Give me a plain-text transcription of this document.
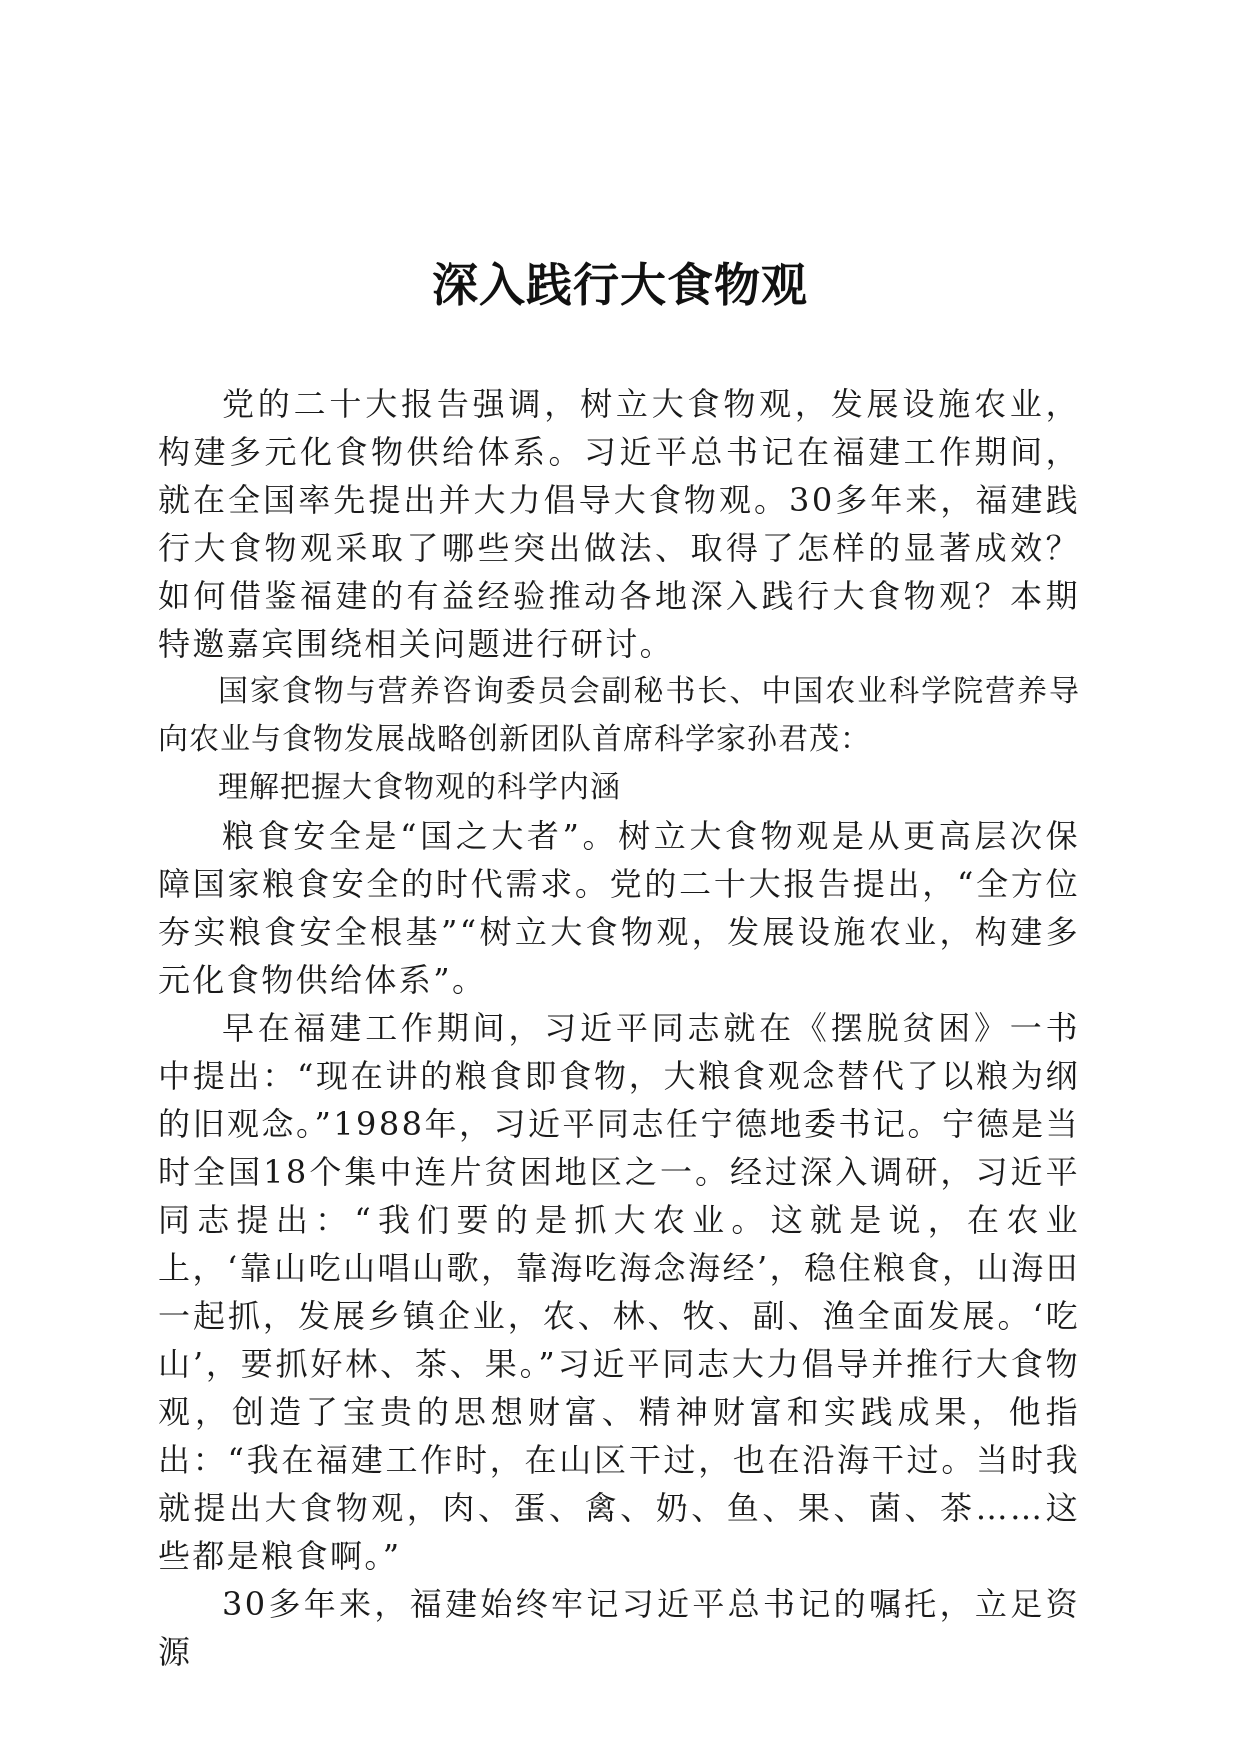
深入践行大食物观

党的二十大报告强调，树立大食物观，发展设施农业，构建多元化食物供给体系。习近平总书记在福建工作期间，就在全国率先提出并大力倡导大食物观。30多年来，福建践行大食物观采取了哪些突出做法、取得了怎样的显著成效？如何借鉴福建的有益经验推动各地深入践行大食物观？本期特邀嘉宾围绕相关问题进行研讨。

国家食物与营养咨询委员会副秘书长、中国农业科学院营养导向农业与食物发展战略创新团队首席科学家孙君茂：

理解把握大食物观的科学内涵

粮食安全是“国之大者”。树立大食物观是从更高层次保障国家粮食安全的时代需求。党的二十大报告提出，“全方位夯实粮食安全根基”“树立大食物观，发展设施农业，构建多元化食物供给体系”。

早在福建工作期间，习近平同志就在《摆脱贫困》一书中提出：“现在讲的粮食即食物，大粮食观念替代了以粮为纲的旧观念。”1988年，习近平同志任宁德地委书记。宁德是当时全国18个集中连片贫困地区之一。经过深入调研，习近平同志提出：“我们要的是抓大农业。这就是说，在农业上，‘靠山吃山唱山歌，靠海吃海念海经’，稳住粮食，山海田一起抓，发展乡镇企业，农、林、牧、副、渔全面发展。‘吃山’，要抓好林、茶、果。”习近平同志大力倡导并推行大食物观，创造了宝贵的思想财富、精神财富和实践成果，他指出：“我在福建工作时，在山区干过，也在沿海干过。当时我就提出大食物观，肉、蛋、禽、奶、鱼、果、菌、茶……这些都是粮食啊。”

30多年来，福建始终牢记习近平总书记的嘱托，立足资源
